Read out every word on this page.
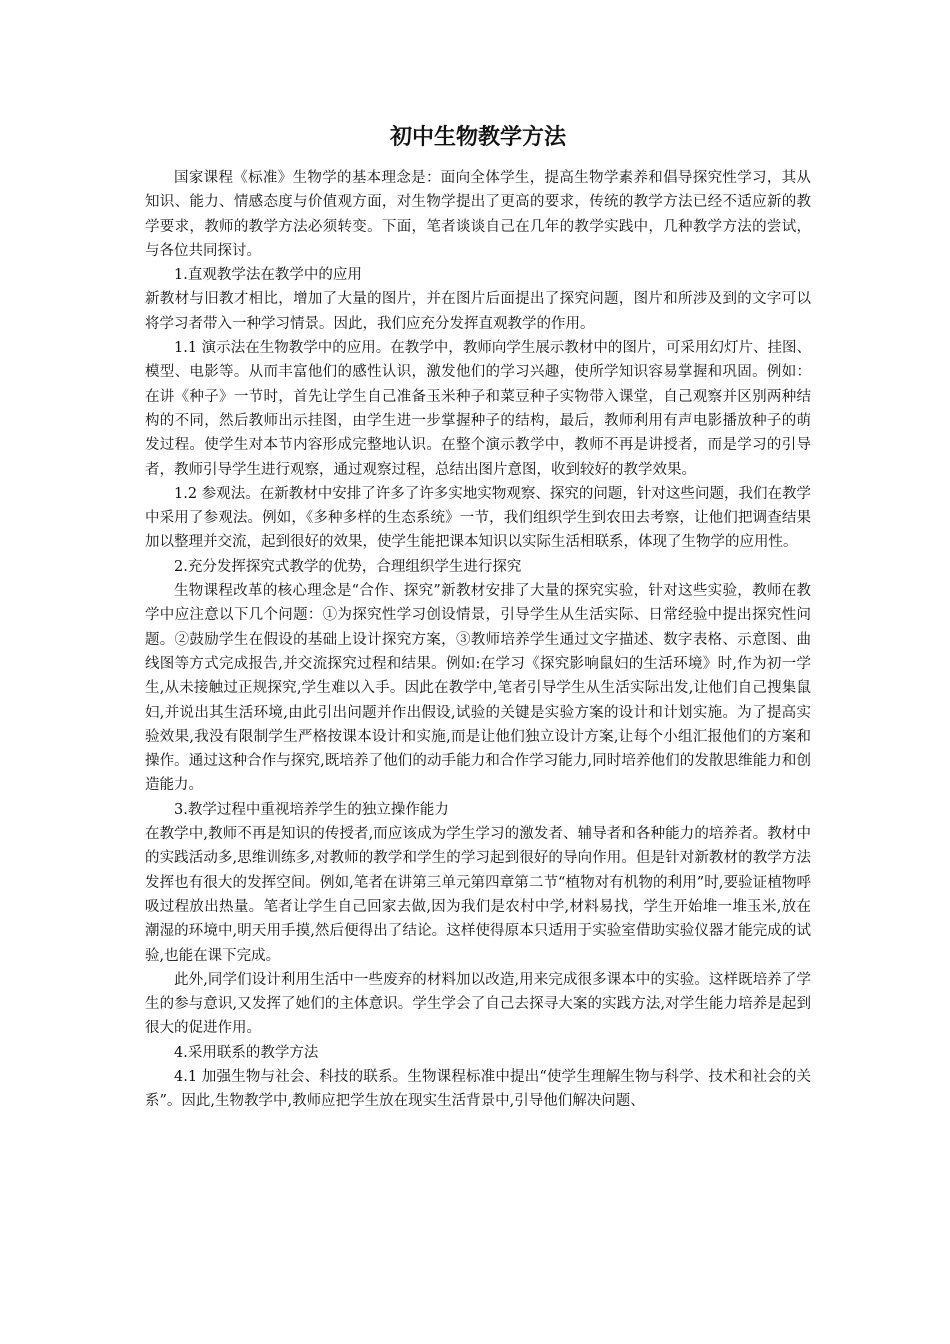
初中生物教学方法

国家课程《标准》生物学的基本理念是：面向全体学生，提高生物学素养和倡导探究性学习，其从知识、能力、情感态度与价值观方面，对生物学提出了更高的要求，传统的教学方法已经不适应新的教学要求，教师的教学方法必须转变。下面，笔者谈谈自己在几年的教学实践中，几种教学方法的尝试，与各位共同探讨。

1.直观教学法在教学中的应用

新教材与旧教才相比，增加了大量的图片，并在图片后面提出了探究问题，图片和所涉及到的文字可以将学习者带入一种学习情景。因此，我们应充分发挥直观教学的作用。

1.1 演示法在生物教学中的应用。在教学中，教师向学生展示教材中的图片，可采用幻灯片、挂图、模型、电影等。从而丰富他们的感性认识，激发他们的学习兴趣，使所学知识容易掌握和巩固。例如：在讲《种子》一节时，首先让学生自己准备玉米种子和菜豆种子实物带入课堂，自己观察并区别两种结构的不同，然后教师出示挂图，由学生进一步掌握种子的结构，最后，教师利用有声电影播放种子的萌发过程。使学生对本节内容形成完整地认识。在整个演示教学中，教师不再是讲授者，而是学习的引导者，教师引导学生进行观察，通过观察过程，总结出图片意图，收到较好的教学效果。

1.2 参观法。在新教材中安排了许多了许多实地实物观察、探究的问题，针对这些问题，我们在教学中采用了参观法。例如，《多种多样的生态系统》一节，我们组织学生到农田去考察，让他们把调查结果加以整理并交流，起到很好的效果，使学生能把课本知识以实际生活相联系，体现了生物学的应用性。

2.充分发挥探究式教学的优势，合理组织学生进行探究

生物课程改革的核心理念是“合作、探究”新教材安排了大量的探究实验，针对这些实验，教师在教学中应注意以下几个问题：①为探究性学习创设情景，引导学生从生活实际、日常经验中提出探究性问题。②鼓励学生在假设的基础上设计探究方案，③教师培养学生通过文字描述、数字表格、示意图、曲线图等方式完成报告,并交流探究过程和结果。例如:在学习《探究影响鼠妇的生活环境》时,作为初一学生,从未接触过正规探究,学生难以入手。因此在教学中,笔者引导学生从生活实际出发,让他们自己搜集鼠妇,并说出其生活环境,由此引出问题并作出假设,试验的关键是实验方案的设计和计划实施。为了提高实验效果,我没有限制学生严格按课本设计和实施,而是让他们独立设计方案,让每个小组汇报他们的方案和操作。通过这种合作与探究,既培养了他们的动手能力和合作学习能力,同时培养他们的发散思维能力和创造能力。

3.教学过程中重视培养学生的独立操作能力

在教学中,教师不再是知识的传授者,而应该成为学生学习的激发者、辅导者和各种能力的培养者。教材中的实践活动多,思维训练多,对教师的教学和学生的学习起到很好的导向作用。但是针对新教材的教学方法发挥也有很大的发挥空间。例如,笔者在讲第三单元第四章第二节“植物对有机物的利用”时,要验证植物呼吸过程放出热量。笔者让学生自己回家去做,因为我们是农村中学,材料易找，学生开始堆一堆玉米,放在潮湿的环境中,明天用手摸,然后便得出了结论。这样使得原本只适用于实验室借助实验仪器才能完成的试验,也能在课下完成。

此外,同学们设计利用生活中一些废弃的材料加以改造,用来完成很多课本中的实验。这样既培养了学生的参与意识,又发挥了她们的主体意识。学生学会了自己去探寻大案的实践方法,对学生能力培养是起到很大的促进作用。

4.采用联系的教学方法

4.1 加强生物与社会、科技的联系。生物课程标准中提出“使学生理解生物与科学、技术和社会的关系”。因此,生物教学中,教师应把学生放在现实生活背景中,引导他们解决问题、
